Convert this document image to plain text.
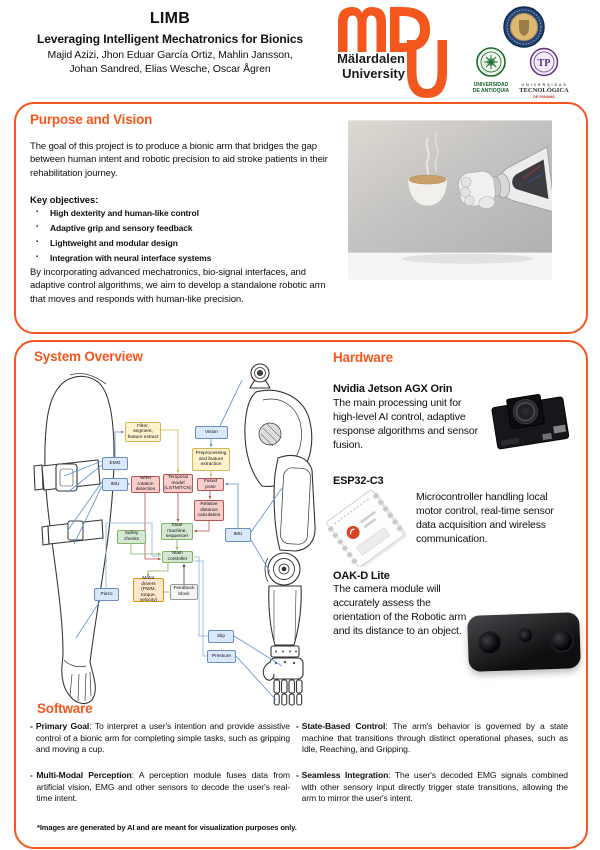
LIMB
Leveraging Intelligent Mechatronics for Bionics
Majid Azizi, Jhon Eduar García Ortiz, Mahlin Jansson,
Johan Sandred, Elias Wesche, Oscar Ågren
Mälardalen
University
UNIVERSIDAD
DE ANTIOQUIA
TP
U N I V E R S I D A D
TECNOLÓGICA
DE PANAMÁ
Purpose and Vision
The goal of this project is to produce a bionic arm that bridges the gap between human intent and robotic precision to aid stroke patients in their rehabilitation journey.
Key objectives:
▪	High dexterity and human-like control
▪	Adaptive grip and sensory feedback
▪	Lightweight and modular design
▪	Integration with neural interface systems
By incorporating advanced mechatronics, bio-signal interfaces, and adaptive control algorithms, we aim to develop a standalone robotic arm that moves and responds with human-like precision.
System Overview	Hardware
Filter, segment, feature extract
Vision
Preprocessing and feature extraction
EMG
IMU
Wrist rotation detection
Temporal model (LSTM/TCN)
Fused pose
Relative distance calculation
State machine, sequencer
Safety checks
IMU
Main controller
Motor drivers (PWM, torque, velocity)
Feedback block
Piezo
Slip
Pressure
Nvidia Jetson AGX Orin
The main processing unit for high-level AI control, adaptive response algorithms and sensor fusion.
ESP32-C3
Microcontroller handling local motor control, real-time sensor data acquisition and wireless communication.
OAK-D Lite
The camera module will accurately assess the orientation of the Robotic arm and its distance to an object.
Software
- Primary Goal: To interpret a user's intention and provide assistive control of a bionic arm for completing simple tasks, such as gripping and moving a cup.

- Multi-Modal Perception: A perception module fuses data from artificial vision, EMG and other sensors to decode the user's real-time intent.

- State-Based Control: The arm's behavior is governed by a state machine that transitions through distinct operational phases, such as Idle, Reaching, and Gripping.

- Seamless Integration: The user's decoded EMG signals combined with other sensory input directly trigger state transitions, allowing the arm to mirror the user's intent.

*Images are generated by AI and are meant for visualization purposes only.
